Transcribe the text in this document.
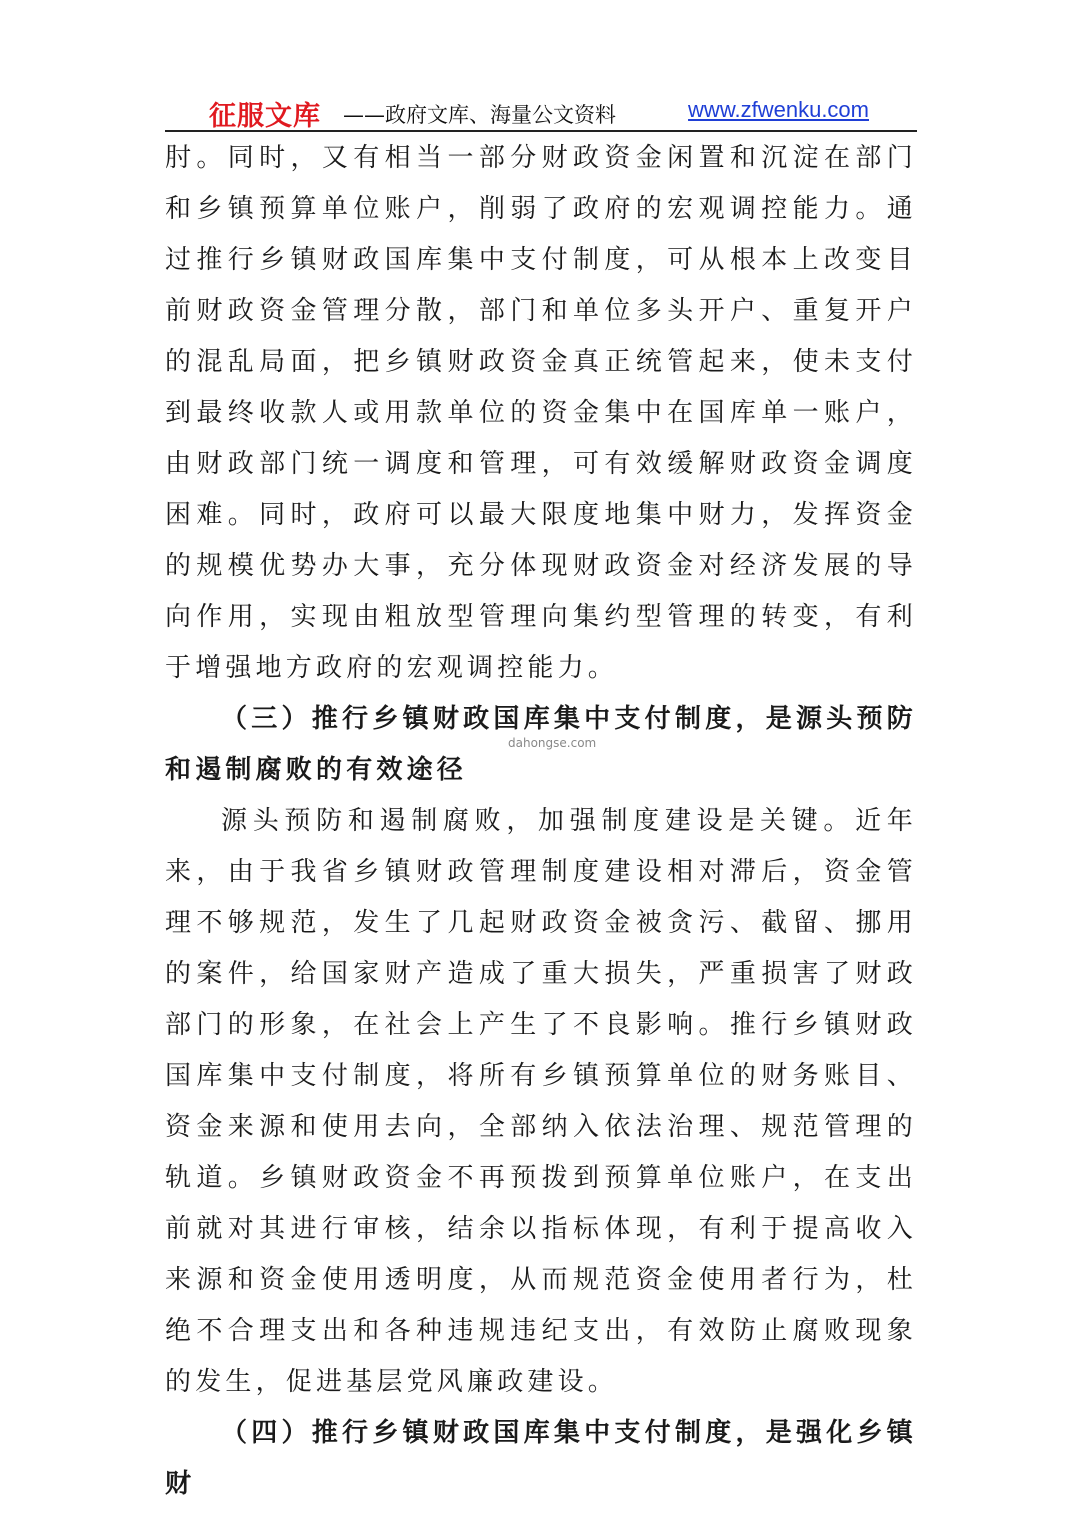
征服文库 ——政府文库、海量公文资料	www.zfwenku.com

肘。同时，又有相当一部分财政资金闲置和沉淀在部门和乡镇预算单位账户，削弱了政府的宏观调控能力。通过推行乡镇财政国库集中支付制度，可从根本上改变目前财政资金管理分散，部门和单位多头开户、重复开户的混乱局面，把乡镇财政资金真正统管起来，使未支付到最终收款人或用款单位的资金集中在国库单一账户，由财政部门统一调度和管理，可有效缓解财政资金调度困难。同时，政府可以最大限度地集中财力，发挥资金的规模优势办大事，充分体现财政资金对经济发展的导向作用，实现由粗放型管理向集约型管理的转变，有利于增强地方政府的宏观调控能力。

（三）推行乡镇财政国库集中支付制度，是源头预防和遏制腐败的有效途径

源头预防和遏制腐败，加强制度建设是关键。近年来，由于我省乡镇财政管理制度建设相对滞后，资金管理不够规范，发生了几起财政资金被贪污、截留、挪用的案件，给国家财产造成了重大损失，严重损害了财政部门的形象，在社会上产生了不良影响。推行乡镇财政国库集中支付制度，将所有乡镇预算单位的财务账目、资金来源和使用去向，全部纳入依法治理、规范管理的轨道。乡镇财政资金不再预拨到预算单位账户，在支出前就对其进行审核，结余以指标体现，有利于提高收入来源和资金使用透明度，从而规范资金使用者行为，杜绝不合理支出和各种违规违纪支出，有效防止腐败现象的发生，促进基层党风廉政建设。

（四）推行乡镇财政国库集中支付制度，是强化乡镇财

dahongse.com
